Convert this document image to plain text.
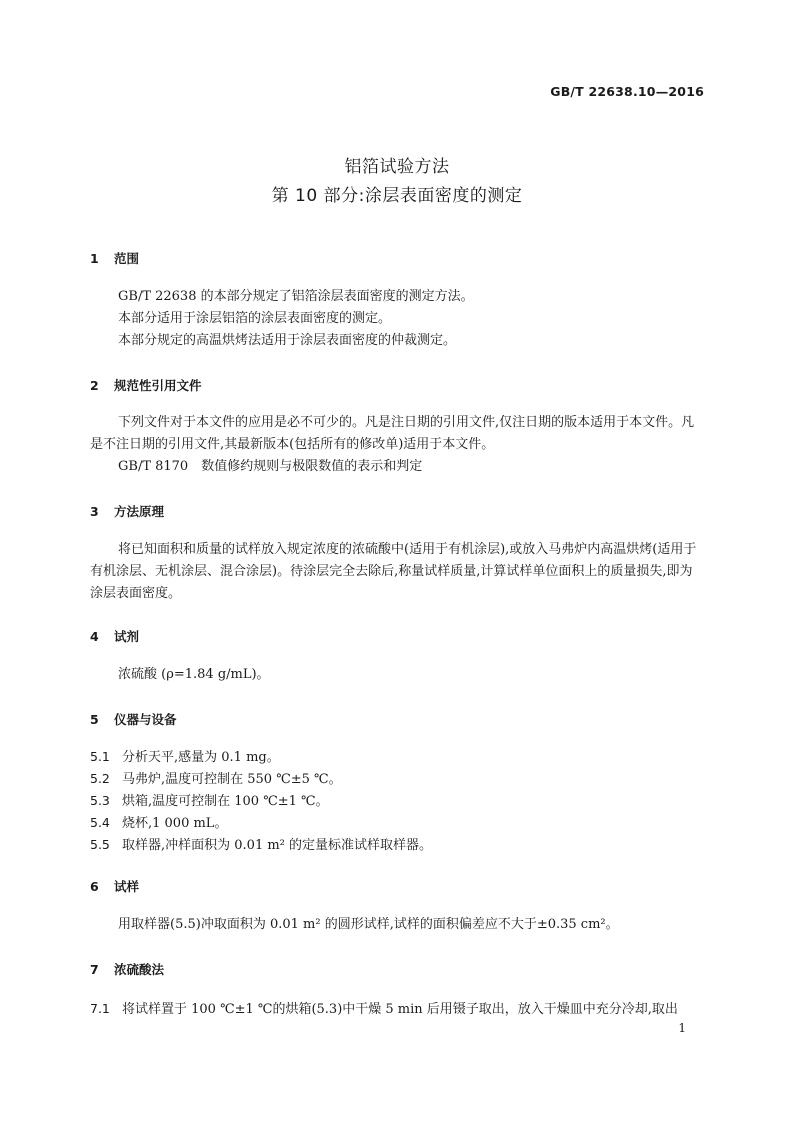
GB/T 22638.10—2016
铝箔试验方法
第 10 部分:涂层表面密度的测定
1 范围
GB/T 22638 的本部分规定了铝箔涂层表面密度的测定方法。
本部分适用于涂层铝箔的涂层表面密度的测定。
本部分规定的高温烘烤法适用于涂层表面密度的仲裁测定。
2 规范性引用文件
下列文件对于本文件的应用是必不可少的。凡是注日期的引用文件,仅注日期的版本适用于本文件。凡是不注日期的引用文件,其最新版本(包括所有的修改单)适用于本文件。
GB/T 8170　数值修约规则与极限数值的表示和判定
3 方法原理
将已知面积和质量的试样放入规定浓度的浓硫酸中(适用于有机涂层),或放入马弗炉内高温烘烤(适用于有机涂层、无机涂层、混合涂层)。待涂层完全去除后,称量试样质量,计算试样单位面积上的质量损失,即为涂层表面密度。
4 试剂
浓硫酸 (ρ=1.84 g/mL)。
5 仪器与设备
5.1 分析天平,感量为 0.1 mg。
5.2 马弗炉,温度可控制在 550 ℃±5 ℃。
5.3 烘箱,温度可控制在 100 ℃±1 ℃。
5.4 烧杯,1 000 mL。
5.5 取样器,冲样面积为 0.01 m² 的定量标准试样取样器。
6 试样
用取样器(5.5)冲取面积为 0.01 m² 的圆形试样,试样的面积偏差应不大于±0.35 cm²。
7 浓硫酸法
7.1 将试样置于 100 ℃±1 ℃的烘箱(5.3)中干燥 5 min 后用镊子取出，放入干燥皿中充分冷却,取出
1
